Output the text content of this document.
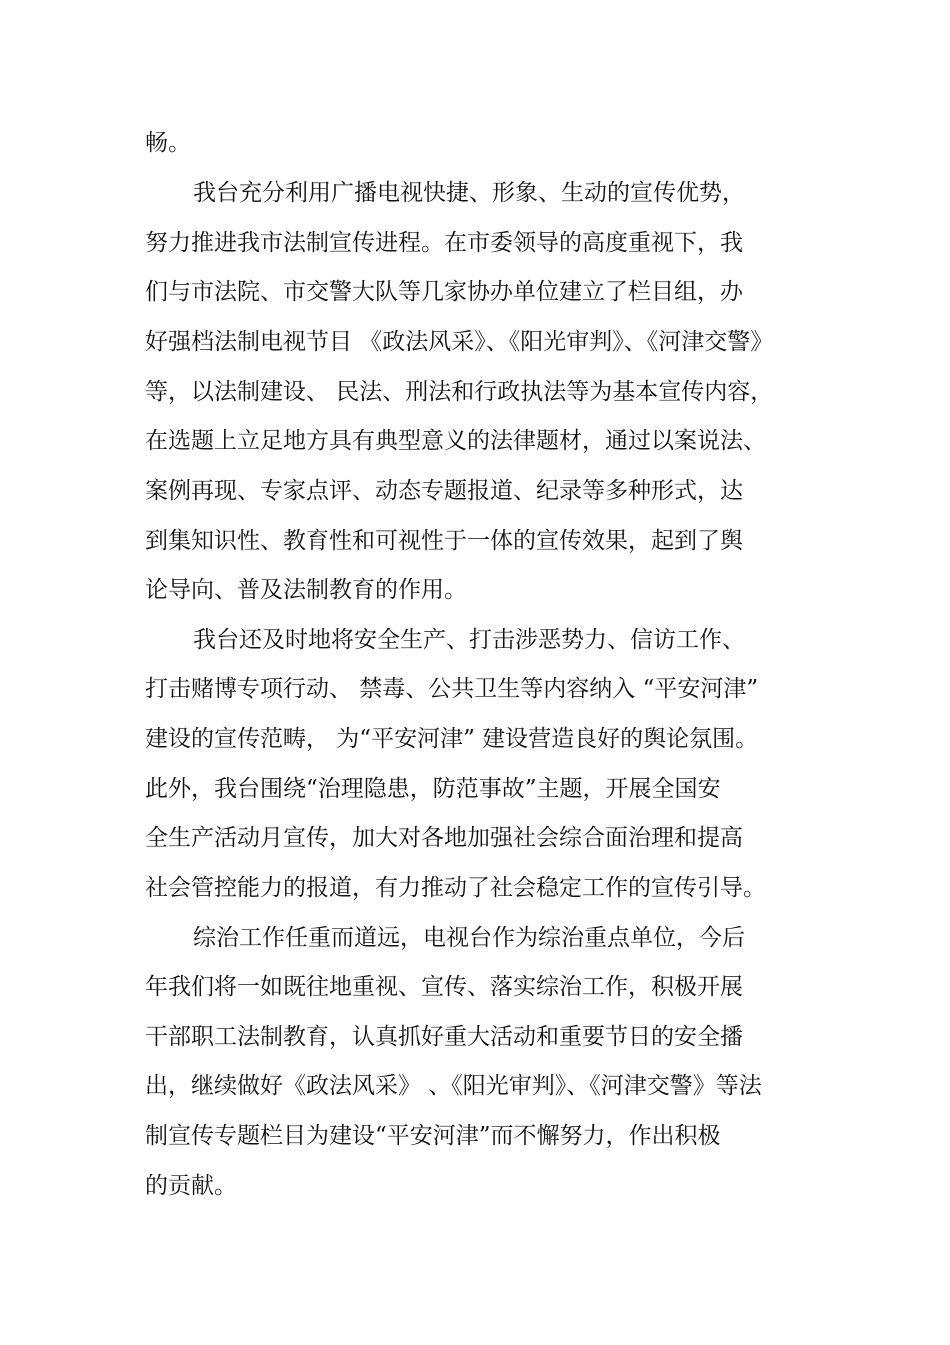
畅。
我台充分利用广播电视快捷、形象、生动的宣传优势，
努力推进我市法制宣传进程。在市委领导的高度重视下，我
们与市法院、市交警大队等几家协办单位建立了栏目组，办
好强档法制电视节目 《政法风采》、《阳光审判》、《河津交警》
等，以法制建设、 民法、刑法和行政执法等为基本宣传内容，
在选题上立足地方具有典型意义的法律题材，通过以案说法、
案例再现、专家点评、动态专题报道、纪录等多种形式，达
到集知识性、教育性和可视性于一体的宣传效果，起到了舆
论导向、普及法制教育的作用。
我台还及时地将安全生产、打击涉恶势力、信访工作、
打击赌博专项行动、 禁毒、公共卫生等内容纳入 “平安河津”
建设的宣传范畴， 为“平安河津” 建设营造良好的舆论氛围。
此外，我台围绕“治理隐患，防范事故”主题，开展全国安
全生产活动月宣传，加大对各地加强社会综合面治理和提高
社会管控能力的报道，有力推动了社会稳定工作的宣传引导。
综治工作任重而道远，电视台作为综治重点单位，今后
年我们将一如既往地重视、宣传、落实综治工作，积极开展
干部职工法制教育，认真抓好重大活动和重要节日的安全播
出，继续做好《政法风采》 、《阳光审判》、《河津交警》等法
制宣传专题栏目为建设“平安河津”而不懈努力，作出积极
的贡献。
